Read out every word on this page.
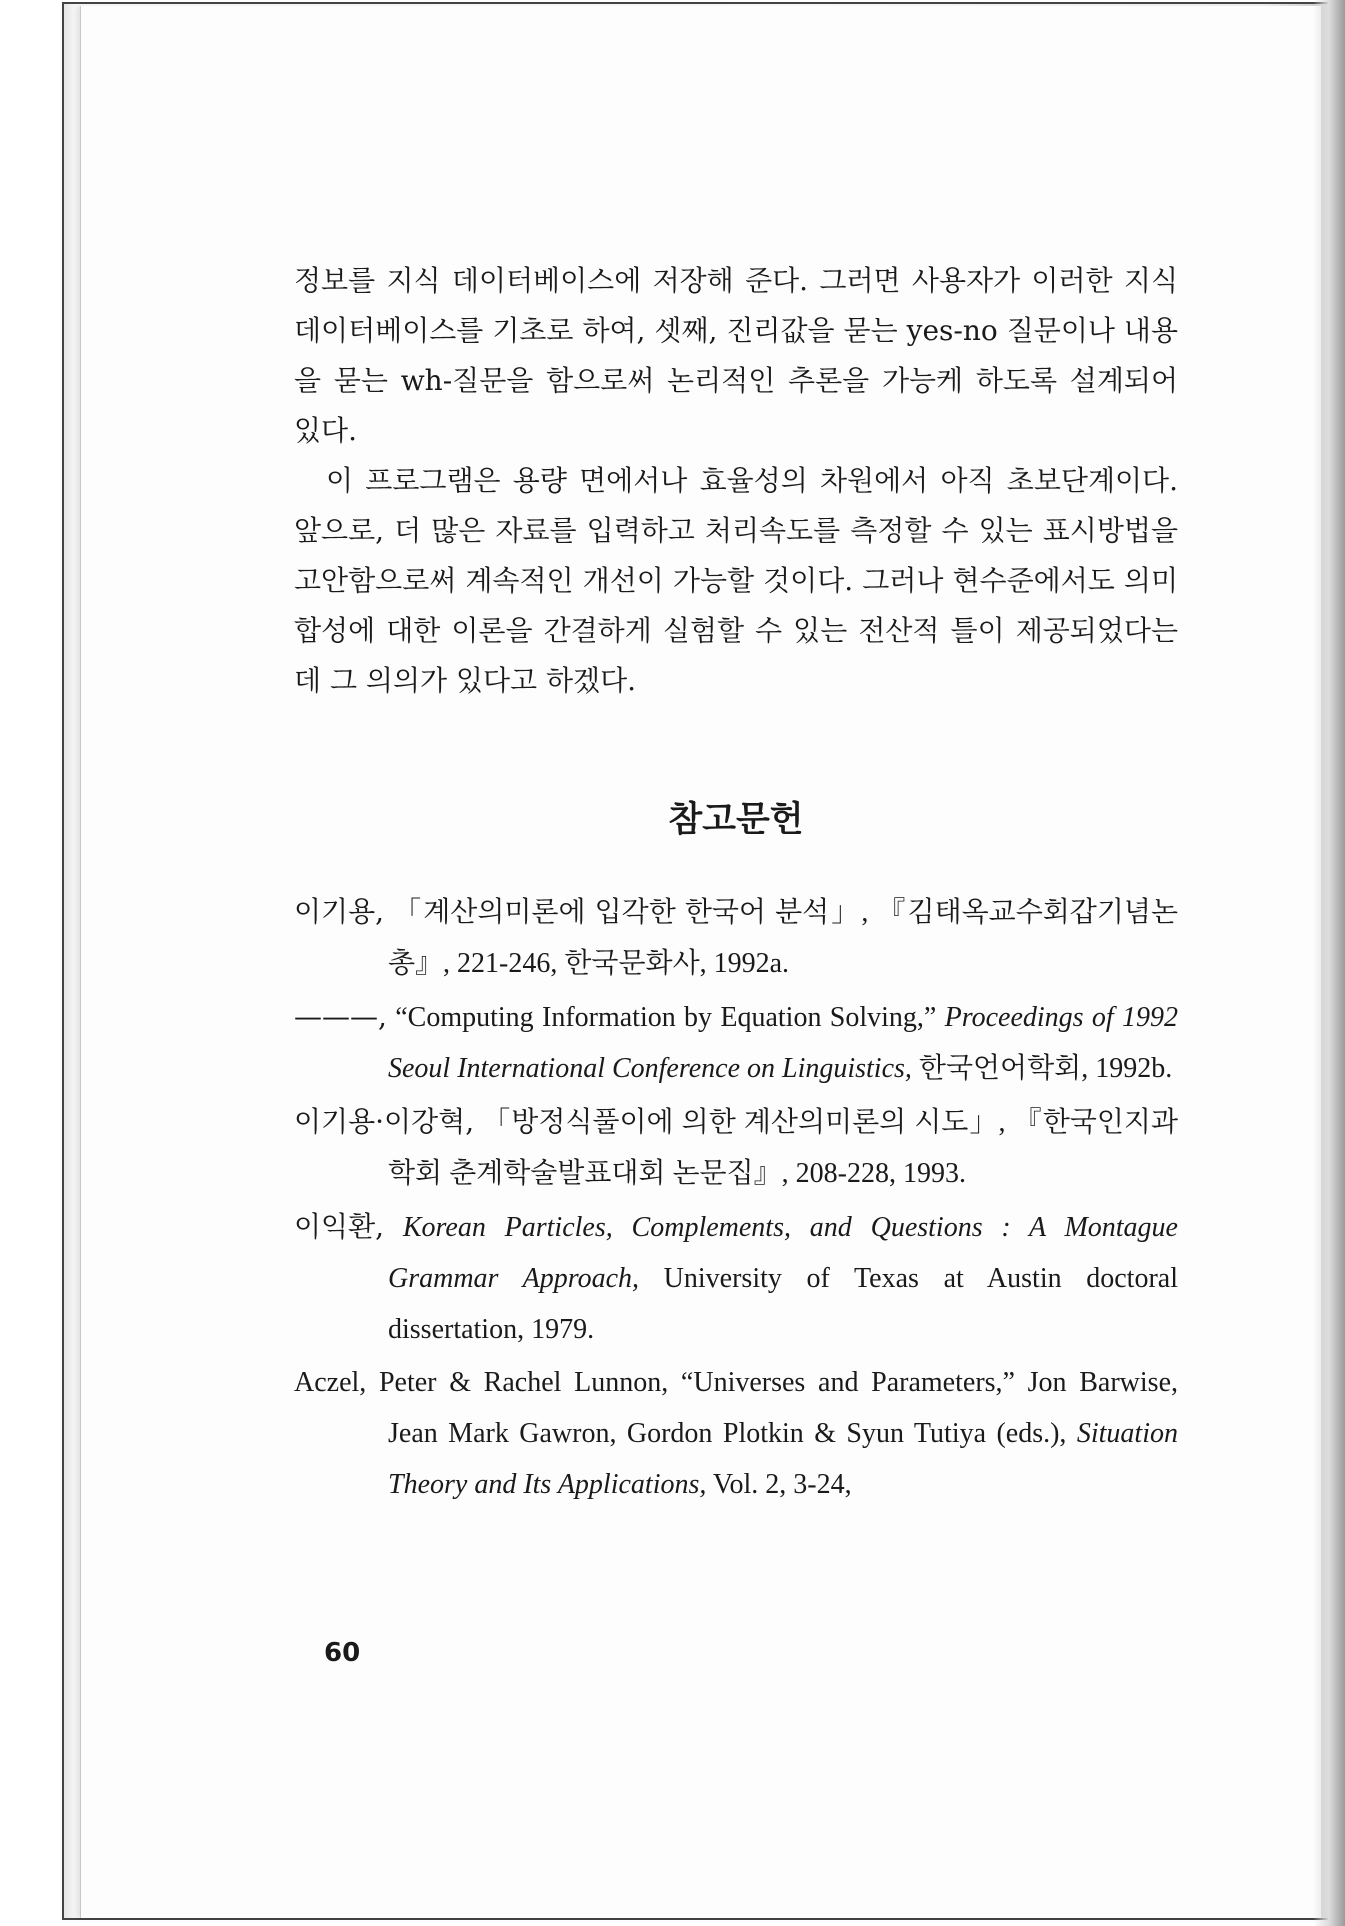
정보를 지식 데이터베이스에 저장해 준다. 그러면 사용자가 이러한 지식 데이터베이스를 기초로 하여, 셋째, 진리값을 묻는 yes-no 질문이나 내용을 묻는 wh-질문을 함으로써 논리적인 추론을 가능케 하도록 설계되어 있다.

이 프로그램은 용량 면에서나 효율성의 차원에서 아직 초보단계이다. 앞으로, 더 많은 자료를 입력하고 처리속도를 측정할 수 있는 표시방법을 고안함으로써 계속적인 개선이 가능할 것이다. 그러나 현수준에서도 의미합성에 대한 이론을 간결하게 실험할 수 있는 전산적 틀이 제공되었다는 데 그 의의가 있다고 하겠다.

참고문헌

이기용, 「계산의미론에 입각한 한국어 분석」, 『김태옥교수회갑기념논총』, 221-246, 한국문화사, 1992a.

———, “Computing Information by Equation Solving,” Proceedings of 1992 Seoul International Conference on Linguistics, 한국언어학회, 1992b.

이기용·이강혁, 「방정식풀이에 의한 계산의미론의 시도」, 『한국인지과학회 춘계학술발표대회 논문집』, 208-228, 1993.

이익환, Korean Particles, Complements, and Questions : A Montague Grammar Approach, University of Texas at Austin doctoral dissertation, 1979.

Aczel, Peter & Rachel Lunnon, “Universes and Parameters,” Jon Barwise, Jean Mark Gawron, Gordon Plotkin & Syun Tutiya (eds.), Situation Theory and Its Applications, Vol. 2, 3-24,

60
